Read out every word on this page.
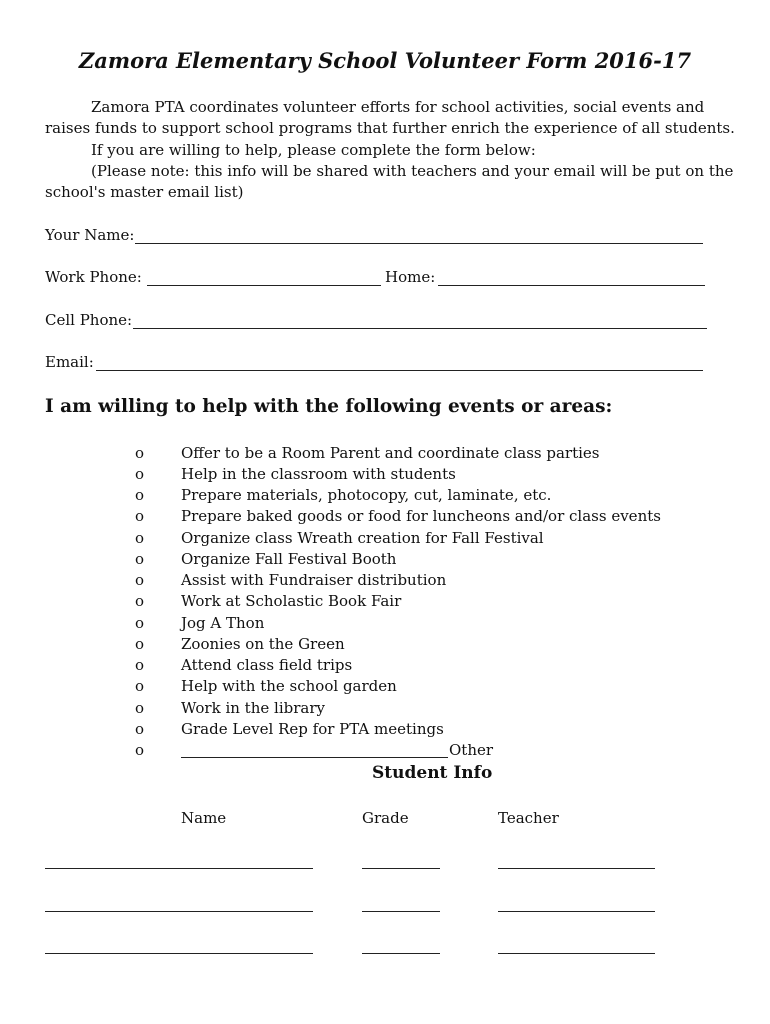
Zamora Elementary School Volunteer Form 2016-17
Zamora PTA coordinates volunteer efforts for school activities, social events and
raises funds to support school programs that further enrich the experience of all students.
If you are willing to help, please complete the form below:
(Please note: this info will be shared with teachers and your email will be put on the
school's master email list)
Your Name:
Work Phone:	Home:
Cell Phone:
Email:
I am willing to help with the following events or areas:
o Offer to be a Room Parent and coordinate class parties
o Help in the classroom with students
o Prepare materials, photocopy, cut, laminate, etc.
o Prepare baked goods or food for luncheons and/or class events
o Organize class Wreath creation for Fall Festival
o Organize Fall Festival Booth
o Assist with Fundraiser distribution
o Work at Scholastic Book Fair
o Jog A Thon
o Zoonies on the Green
o Attend class field trips
o Help with the school garden
o Work in the library
o Grade Level Rep for PTA meetings
o	Other
Student Info
Name	Grade	Teacher
